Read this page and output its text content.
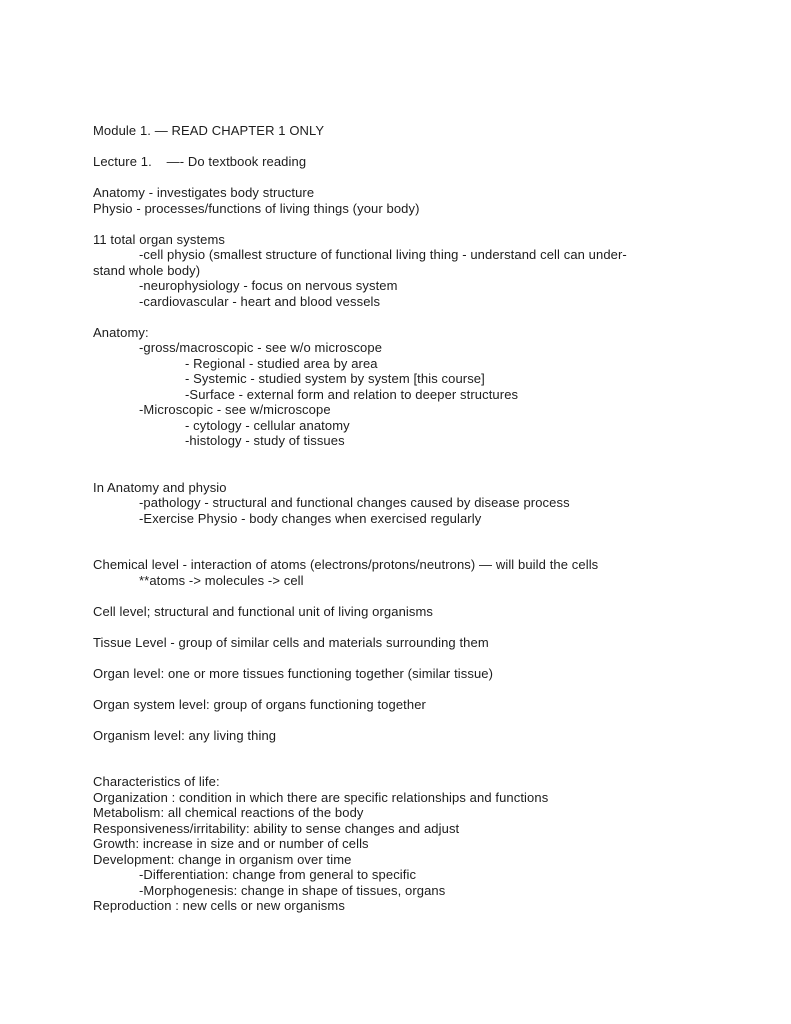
Module 1. — READ CHAPTER 1 ONLY
Lecture 1.    —- Do textbook reading
Anatomy - investigates body structure
Physio - processes/functions of living things (your body)
11 total organ systems
-cell physio (smallest structure of functional living thing - understand cell can under-
stand whole body)
-neurophysiology - focus on nervous system
-cardiovascular - heart and blood vessels
Anatomy:
-gross/macroscopic - see w/o microscope
- Regional - studied area by area
- Systemic - studied system by system [this course]
-Surface - external form and relation to deeper structures
-Microscopic - see w/microscope
- cytology - cellular anatomy
-histology - study of tissues
In Anatomy and physio
-pathology - structural and functional changes caused by disease process
-Exercise Physio - body changes when exercised regularly
Chemical level - interaction of atoms (electrons/protons/neutrons) — will build the cells
**atoms -> molecules -> cell
Cell level; structural and functional unit of living organisms
Tissue Level - group of similar cells and materials surrounding them
Organ level: one or more tissues functioning together (similar tissue)
Organ system level: group of organs functioning together
Organism level: any living thing
Characteristics of life:
Organization : condition in which there are specific relationships and functions
Metabolism: all chemical reactions of the body
Responsiveness/irritability: ability to sense changes and adjust
Growth: increase in size and or number of cells
Development: change in organism over time
-Differentiation: change from general to specific
-Morphogenesis: change in shape of tissues, organs
Reproduction : new cells or new organisms
